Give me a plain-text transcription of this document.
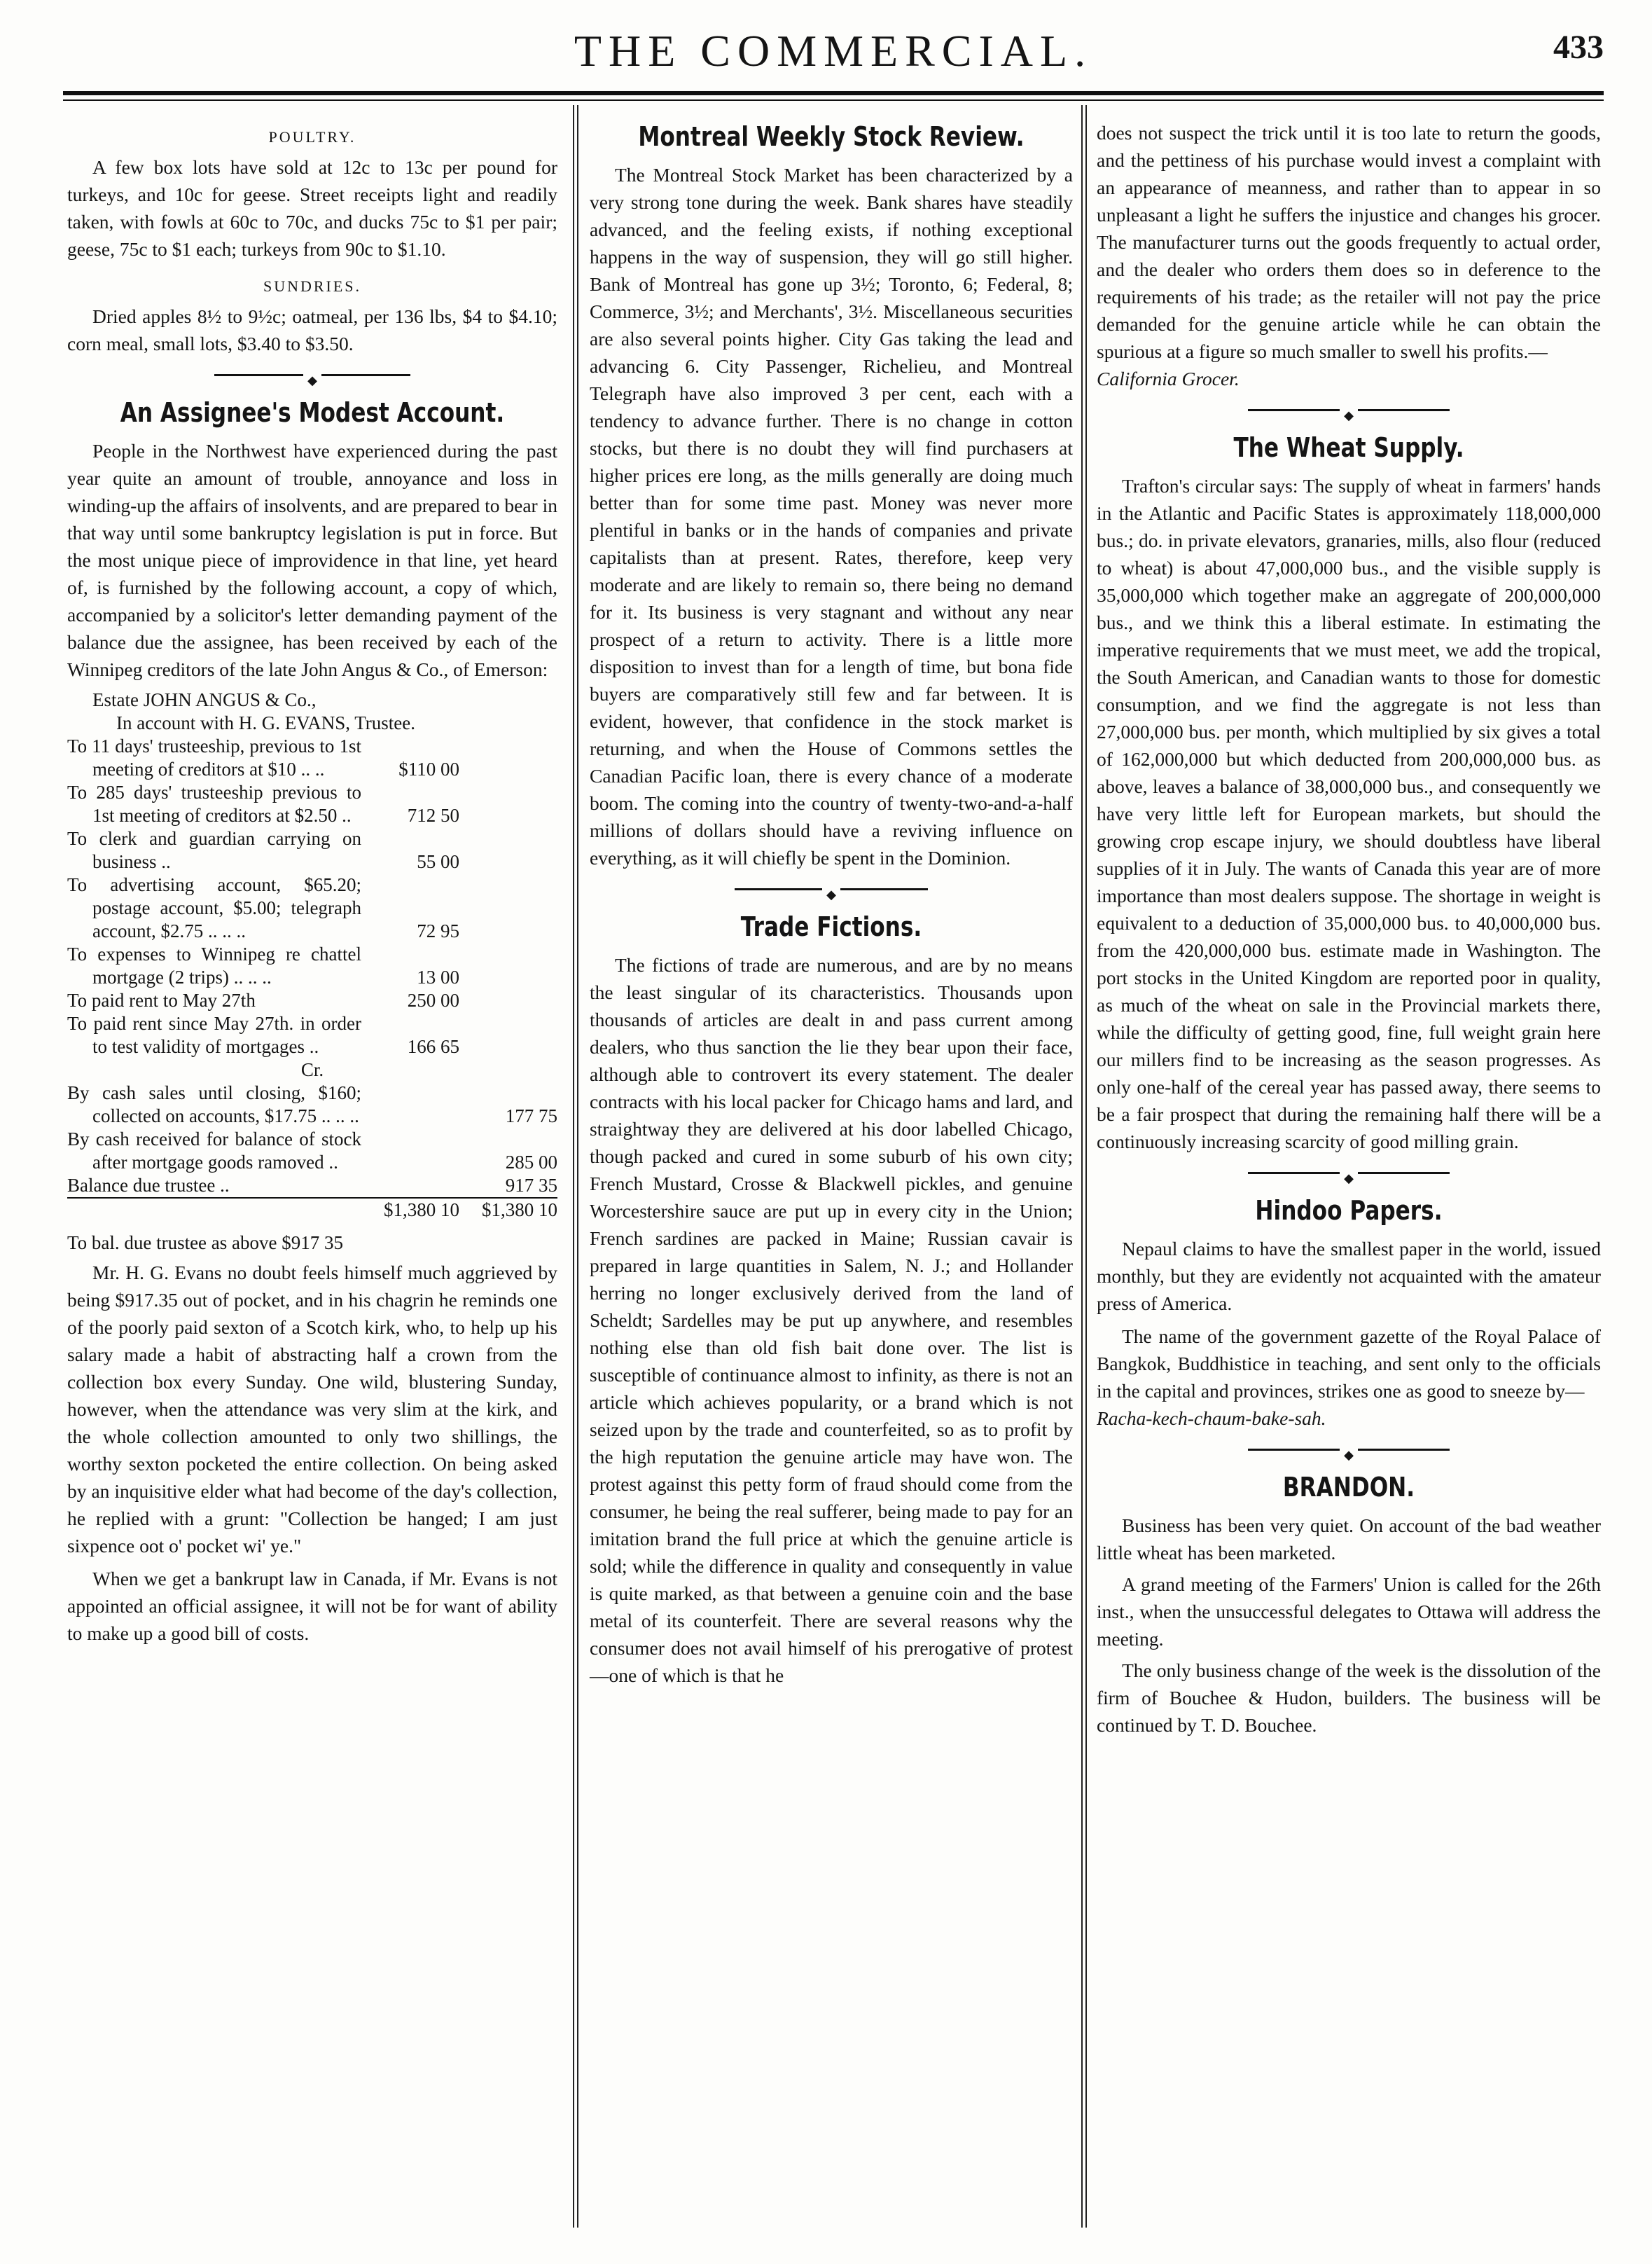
THE COMMERCIAL.	433
POULTRY.

A few box lots have sold at 12c to 13c per pound for turkeys, and 10c for geese. Street receipts light and readily taken, with fowls at 60c to 70c, and ducks 75c to $1 per pair; geese, 75c to $1 each; turkeys from 90c to $1.10.

SUNDRIES.

Dried apples 8½ to 9½c; oatmeal, per 136 lbs, $4 to $4.10; corn meal, small lots, $3.40 to $3.50.

◆
An Assignee's Modest Account.

People in the Northwest have experienced during the past year quite an amount of trouble, annoyance and loss in winding-up the affairs of insolvents, and are prepared to bear in that way until some bankruptcy legislation is put in force. But the most unique piece of improvidence in that line, yet heard of, is furnished by the following account, a copy of which, accompanied by a solicitor's letter demanding payment of the balance due the assignee, has been received by each of the Winnipeg creditors of the late John Angus & Co., of Emerson:

Estate JOHN ANGUS & Co.,
In account with H. G. EVANS, Trustee.
To 11 days' trusteeship, previous to 1st meeting of creditors at $10 .. ..	$110 00	
To 285 days' trusteeship previous to 1st meeting of creditors at $2.50 ..	712 50	
To clerk and guardian carrying on business ..	55 00	
To advertising account, $65.20; postage account, $5.00; telegraph account, $2.75 .. .. ..	72 95	
To expenses to Winnipeg re chattel mortgage (2 trips) .. .. ..	13 00	
To paid rent to May 27th	250 00	
To paid rent since May 27th. in order to test validity of mortgages ..	166 65	
Cr.		
By cash sales until closing, $160; collected on accounts, $17.75 .. .. ..		177 75
By cash received for balance of stock after mortgage goods ramoved ..		285 00
Balance due trustee ..		917 35
	$1,380 10	$1,380 10
To bal. due trustee as above $917 35

Mr. H. G. Evans no doubt feels himself much aggrieved by being $917.35 out of pocket, and in his chagrin he reminds one of the poorly paid sexton of a Scotch kirk, who, to help up his salary made a habit of abstracting half a crown from the collection box every Sunday. One wild, blustering Sunday, however, when the attendance was very slim at the kirk, and the whole collection amounted to only two shillings, the worthy sexton pocketed the entire collection. On being asked by an inquisitive elder what had become of the day's collection, he replied with a grunt: "Collection be hanged; I am just sixpence oot o' pocket wi' ye."

When we get a bankrupt law in Canada, if Mr. Evans is not appointed an official assignee, it will not be for want of ability to make up a good bill of costs.

Montreal Weekly Stock Review.

The Montreal Stock Market has been characterized by a very strong tone during the week. Bank shares have steadily advanced, and the feeling exists, if nothing exceptional happens in the way of suspension, they will go still higher. Bank of Montreal has gone up 3½; Toronto, 6; Federal, 8; Commerce, 3½; and Merchants', 3½. Miscellaneous securities are also several points higher. City Gas taking the lead and advancing 6. City Passenger, Richelieu, and Montreal Telegraph have also improved 3 per cent, each with a tendency to advance further. There is no change in cotton stocks, but there is no doubt they will find purchasers at higher prices ere long, as the mills generally are doing much better than for some time past. Money was never more plentiful in banks or in the hands of companies and private capitalists than at present. Rates, therefore, keep very moderate and are likely to remain so, there being no demand for it. Its business is very stagnant and without any near prospect of a return to activity. There is a little more disposition to invest than for a length of time, but bona fide buyers are comparatively still few and far between. It is evident, however, that confidence in the stock market is returning, and when the House of Commons settles the Canadian Pacific loan, there is every chance of a moderate boom. The coming into the country of twenty-two-and-a-half millions of dollars should have a reviving influence on everything, as it will chiefly be spent in the Dominion.

◆
Trade Fictions.

The fictions of trade are numerous, and are by no means the least singular of its characteristics. Thousands upon thousands of articles are dealt in and pass current among dealers, who thus sanction the lie they bear upon their face, although able to controvert its every statement. The dealer contracts with his local packer for Chicago hams and lard, and straightway they are delivered at his door labelled Chicago, though packed and cured in some suburb of his own city; French Mustard, Crosse & Blackwell pickles, and genuine Worcestershire sauce are put up in every city in the Union; French sardines are packed in Maine; Russian cavair is prepared in large quantities in Salem, N. J.; and Hollander herring no longer exclusively derived from the land of Scheldt; Sardelles may be put up anywhere, and resembles nothing else than old fish bait done over. The list is susceptible of continuance almost to infinity, as there is not an article which achieves popularity, or a brand which is not seized upon by the trade and counterfeited, so as to profit by the high reputation the genuine article may have won. The protest against this petty form of fraud should come from the consumer, he being the real sufferer, being made to pay for an imitation brand the full price at which the genuine article is sold; while the difference in quality and consequently in value is quite marked, as that between a genuine coin and the base metal of its counterfeit. There are several reasons why the consumer does not avail himself of his prerogative of protest—one of which is that he

does not suspect the trick until it is too late to return the goods, and the pettiness of his purchase would invest a complaint with an appearance of meanness, and rather than to appear in so unpleasant a light he suffers the injustice and changes his grocer. The manufacturer turns out the goods frequently to actual order, and the dealer who orders them does so in deference to the requirements of his trade; as the retailer will not pay the price demanded for the genuine article while he can obtain the spurious at a figure so much smaller to swell his profits.—

California Grocer.
◆
The Wheat Supply.

Trafton's circular says: The supply of wheat in farmers' hands in the Atlantic and Pacific States is approximately 118,000,000 bus.; do. in private elevators, granaries, mills, also flour (reduced to wheat) is about 47,000,000 bus., and the visible supply is 35,000,000 which together make an aggregate of 200,000,000 bus., and we think this a liberal estimate. In estimating the imperative requirements that we must meet, we add the tropical, the South American, and Canadian wants to those for domestic consumption, and we find the aggregate is not less than 27,000,000 bus. per month, which multiplied by six gives a total of 162,000,000 but which deducted from 200,000,000 bus. as above, leaves a balance of 38,000,000 bus., and consequently we have very little left for European markets, but should the growing crop escape injury, we should doubtless have liberal supplies of it in July. The wants of Canada this year are of more importance than most dealers suppose. The shortage in weight is equivalent to a deduction of 35,000,000 bus. to 40,000,000 bus. from the 420,000,000 bus. estimate made in Washington. The port stocks in the United Kingdom are reported poor in quality, as much of the wheat on sale in the Provincial markets there, while the difficulty of getting good, fine, full weight grain here our millers find to be increasing as the season progresses. As only one-half of the cereal year has passed away, there seems to be a fair prospect that during the remaining half there will be a continuously increasing scarcity of good milling grain.

◆
Hindoo Papers.

Nepaul claims to have the smallest paper in the world, issued monthly, but they are evidently not acquainted with the amateur press of America.

The name of the government gazette of the Royal Palace of Bangkok, Buddhistice in teaching, and sent only to the officials in the capital and provinces, strikes one as good to sneeze by—

Racha-kech-chaum-bake-sah.
◆
BRANDON.

Business has been very quiet. On account of the bad weather little wheat has been marketed.

A grand meeting of the Farmers' Union is called for the 26th inst., when the unsuccessful delegates to Ottawa will address the meeting.

The only business change of the week is the dissolution of the firm of Bouchee & Hudon, builders. The business will be continued by T. D. Bouchee.
